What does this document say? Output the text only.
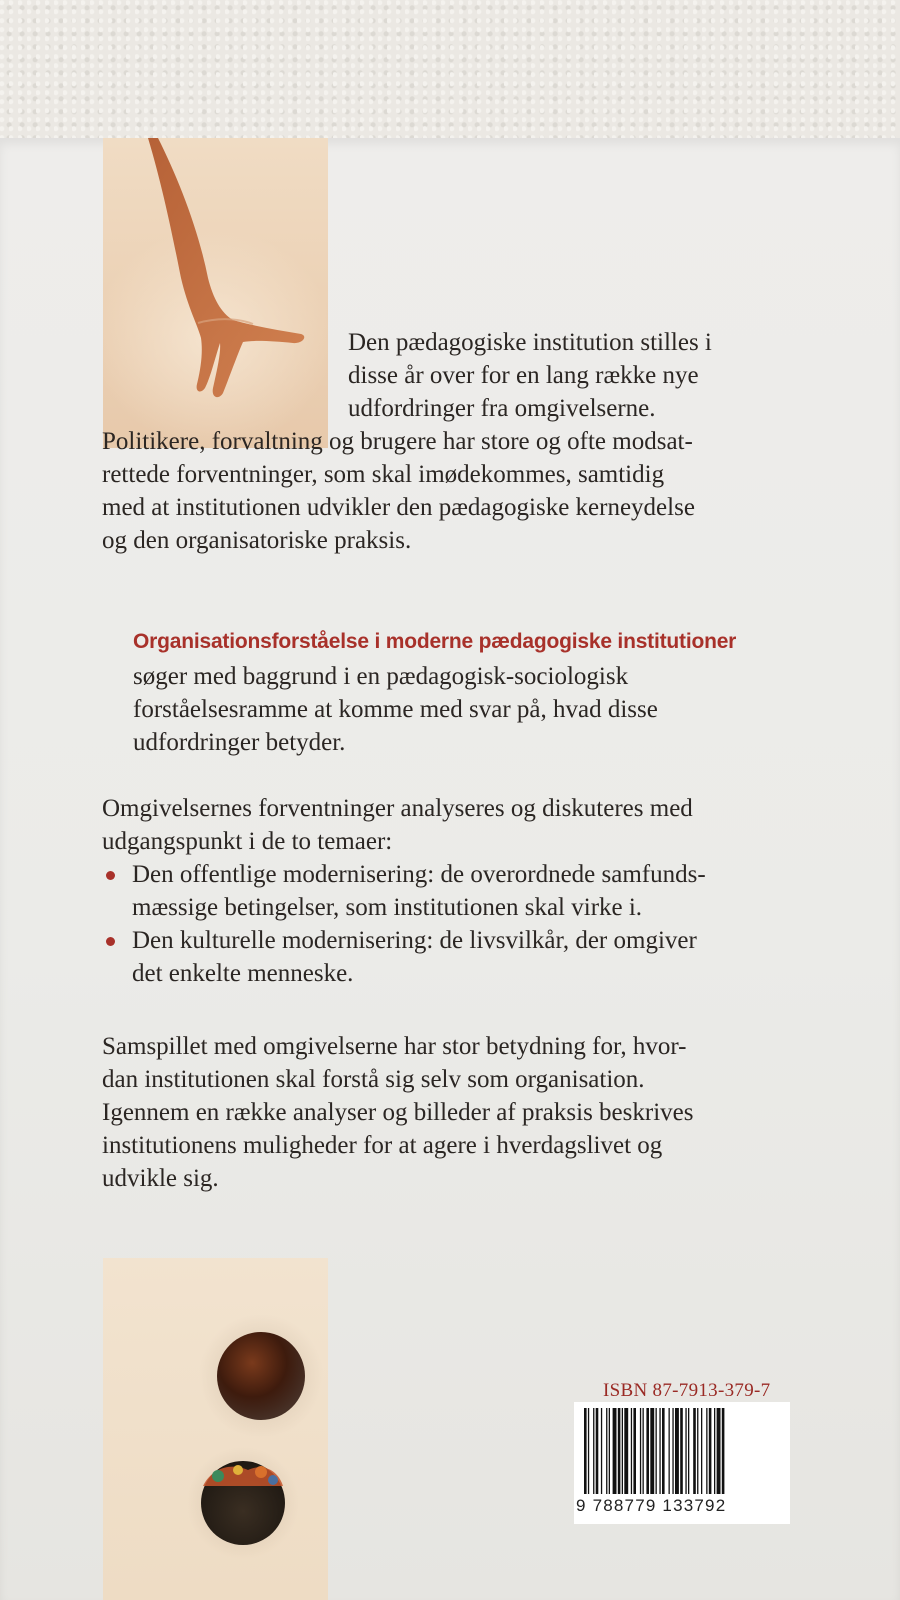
Den pædagogiske institution stilles i
disse år over for en lang række nye
udfordringer fra omgivelserne.

Politikere, forvaltning og brugere har store og ofte modsat-
rettede forventninger, som skal imødekommes, samtidig
med at institutionen udvikler den pædagogiske kerneydelse
og den organisatoriske praksis.

Organisationsforståelse i moderne pædagogiske institutioner

søger med baggrund i en pædagogisk-sociologisk
forståelsesramme at komme med svar på, hvad disse
udfordringer betyder.

Omgivelsernes forventninger analyseres og diskuteres med
udgangspunkt i de to temaer:

Den offentlige modernisering: de overordnede samfunds-
mæssige betingelser, som institutionen skal virke i.
Den kulturelle modernisering: de livsvilkår, der omgiver
det enkelte menneske.

Samspillet med omgivelserne har stor betydning for, hvor-
dan institutionen skal forstå sig selv som organisation.
Igennem en række analyser og billeder af praksis beskrives
institutionens muligheder for at agere i hverdagslivet og
udvikle sig.

ISBN 87-7913-379-7
9 788779 133792
